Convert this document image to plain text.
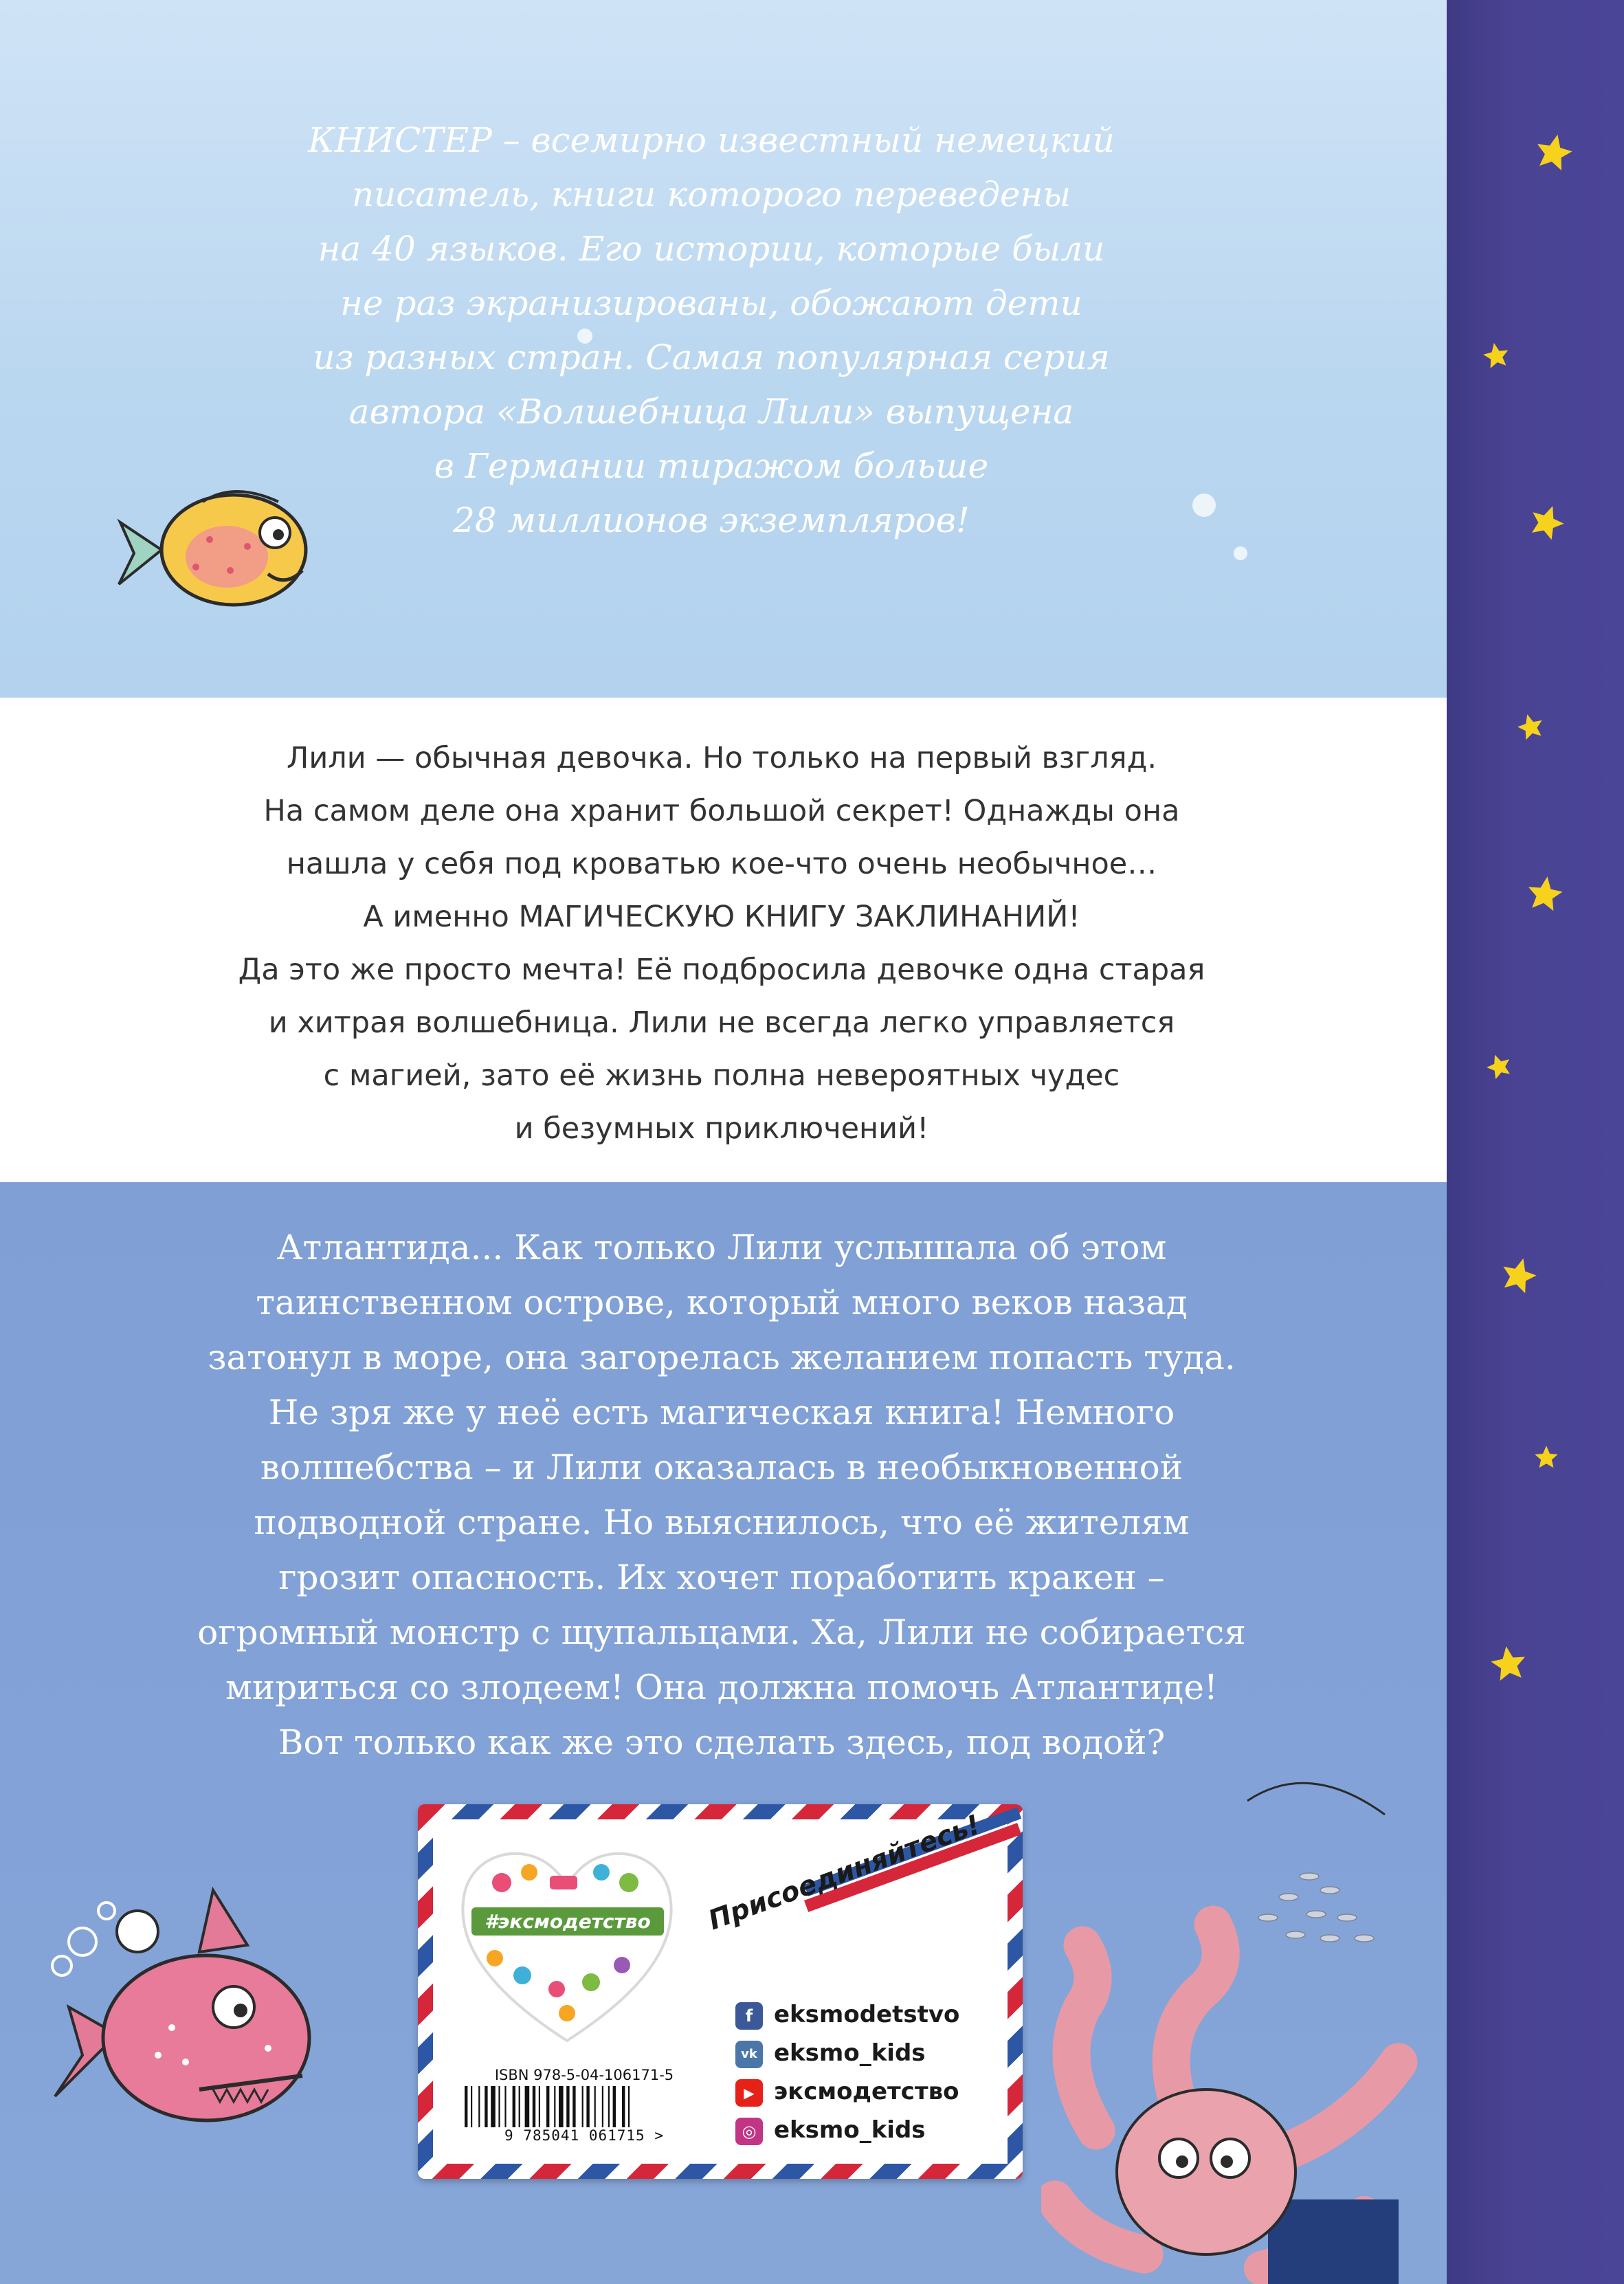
КНИСТЕР – всемирно известный немецкий
писатель, книги которого переведены
на 40 языков. Его истории, которые были
не раз экранизированы, обожают дети
из разных стран. Самая популярная серия
автора «Волшебница Лили» выпущена
в Германии тиражом больше
28 миллионов экземпляров!
Лили — обычная девочка. Но только на первый взгляд.
На самом деле она хранит большой секрет! Однажды она
нашла у себя под кроватью кое-что очень необычное…
А именно МАГИЧЕСКУЮ КНИГУ ЗАКЛИНАНИЙ!
Да это же просто мечта! Её подбросила девочке одна старая
и хитрая волшебница. Лили не всегда легко управляется
с магией, зато её жизнь полна невероятных чудес
и безумных приключений!
Атлантида... Как только Лили услышала об этом
таинственном острове, который много веков назад
затонул в море, она загорелась желанием попасть туда.
Не зря же у неё есть магическая книга! Немного
волшебства – и Лили оказалась в необыкновенной
подводной стране. Но выяснилось, что её жителям
грозит опасность. Их хочет поработить кракен –
огромный монстр с щупальцами. Ха, Лили не собирается
мириться со злодеем! Она должна помочь Атлантиде!
Вот только как же это сделать здесь, под водой?
#эксмодетство	Присоединяйтесь!
ISBN 978-5-04-106171-5
9 785041 061715 >
f eksmodetstvo
vk eksmo_kids
▶ эксмодетство
◎ eksmo_kids
